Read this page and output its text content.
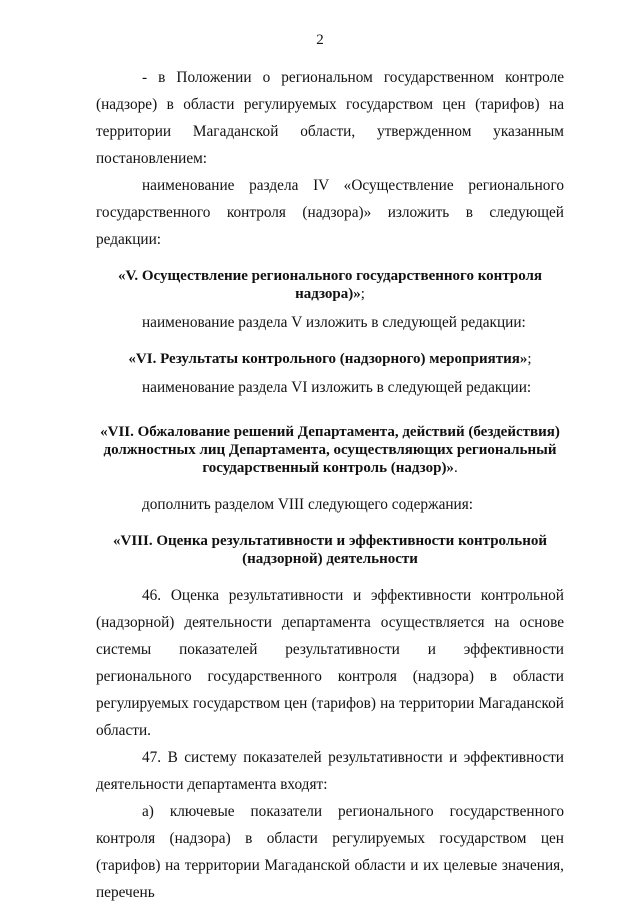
2

- в Положении о региональном государственном контроле (надзоре) в области регулируемых государством цен (тарифов) на территории Магаданской области, утвержденном указанным постановлением:

наименование раздела IV «Осуществление регионального государственного контроля (надзора)» изложить в следующей редакции:

«V. Осуществление регионального государственного контроля надзора)»;

наименование раздела V изложить в следующей редакции:

«VI. Результаты контрольного (надзорного) мероприятия»;

наименование раздела VI изложить в следующей редакции:

«VII. Обжалование решений Департамента, действий (бездействия) должностных лиц Департамента, осуществляющих региональный государственный контроль (надзор)».

дополнить разделом VIII следующего содержания:

«VIII. Оценка результативности и эффективности контрольной (надзорной) деятельности

46. Оценка результативности и эффективности контрольной (надзорной) деятельности департамента осуществляется на основе системы показателей результативности и эффективности регионального государственного контроля (надзора) в области регулируемых государством цен (тарифов) на территории Магаданской области.

47. В систему показателей результативности и эффективности деятельности департамента входят:

а) ключевые показатели регионального государственного контроля (надзора) в области регулируемых государством цен (тарифов) на территории Магаданской области и их целевые значения, перечень
